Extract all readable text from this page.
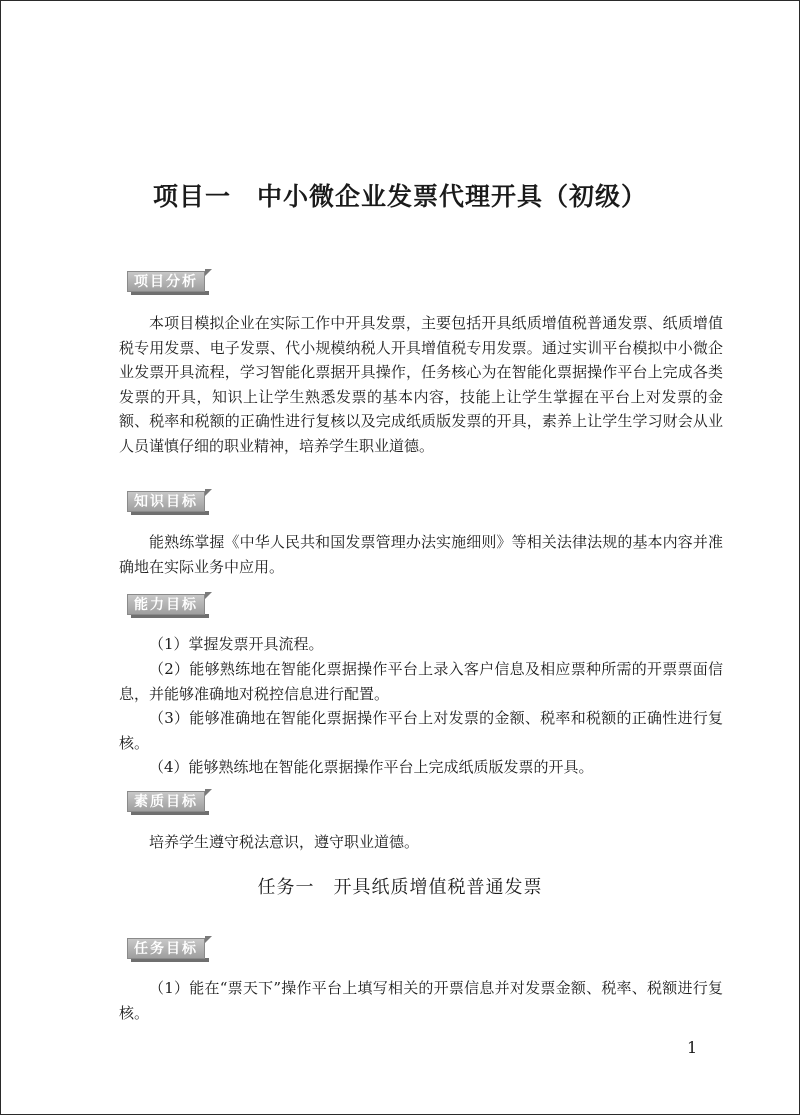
项目一　中小微企业发票代理开具（初级）
项目分析

本项目模拟企业在实际工作中开具发票，主要包括开具纸质增值税普通发票、纸质增值税专用发票、电子发票、代小规模纳税人开具增值税专用发票。通过实训平台模拟中小微企业发票开具流程，学习智能化票据开具操作，任务核心为在智能化票据操作平台上完成各类发票的开具，知识上让学生熟悉发票的基本内容，技能上让学生掌握在平台上对发票的金额、税率和税额的正确性进行复核以及完成纸质版发票的开具，素养上让学生学习财会从业人员谨慎仔细的职业精神，培养学生职业道德。

知识目标

能熟练掌握《中华人民共和国发票管理办法实施细则》等相关法律法规的基本内容并准确地在实际业务中应用。

能力目标

（1）掌握发票开具流程。

（2）能够熟练地在智能化票据操作平台上录入客户信息及相应票种所需的开票票面信息，并能够准确地对税控信息进行配置。

（3）能够准确地在智能化票据操作平台上对发票的金额、税率和税额的正确性进行复核。

（4）能够熟练地在智能化票据操作平台上完成纸质版发票的开具。

素质目标

培养学生遵守税法意识，遵守职业道德。

任务一　开具纸质增值税普通发票
任务目标

（1）能在“票天下”操作平台上填写相关的开票信息并对发票金额、税率、税额进行复核。

1
